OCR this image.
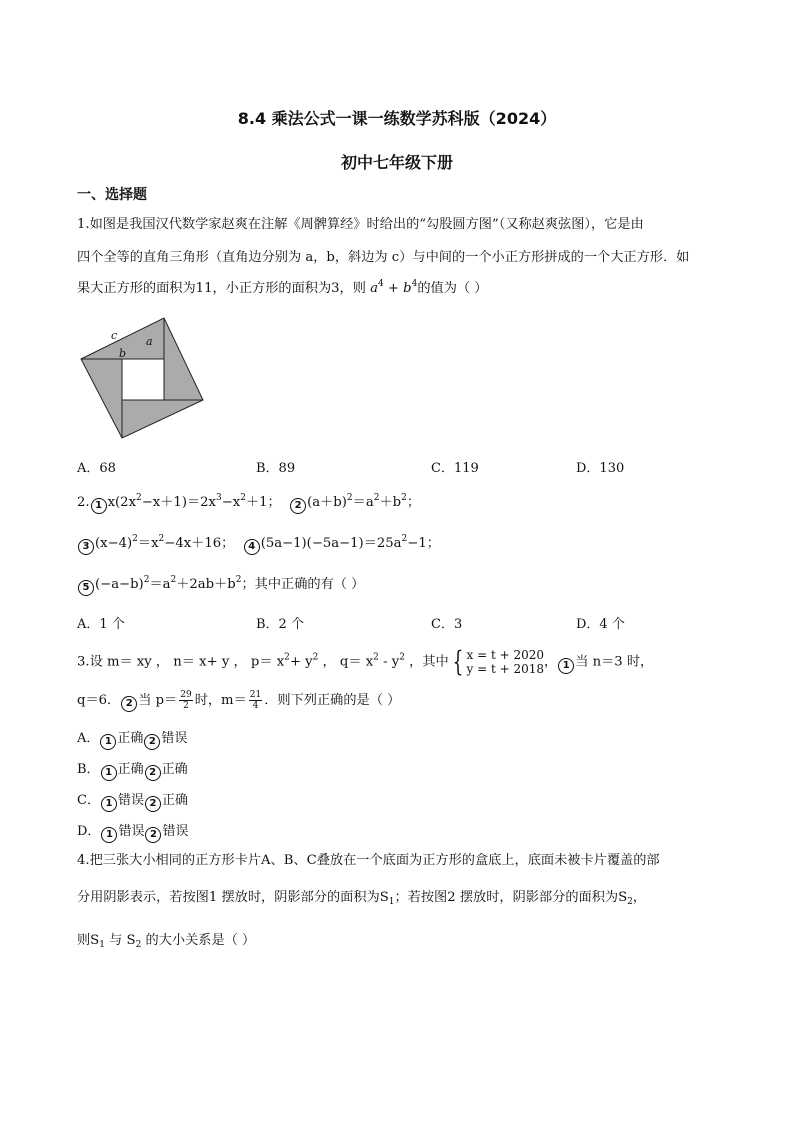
8.4 乘法公式一课一练数学苏科版（2024）
初中七年级下册
一、选择题
1.如图是我国汉代数学家赵爽在注解《周髀算经》时给出的“勾股圆方图”（又称赵爽弦图），它是由
四个全等的直角三角形（直角边分别为 a，b，斜边为 c）与中间的一个小正方形拼成的一个大正方形．如
果大正方形的面积为11，小正方形的面积为3，则 $a^4 + b^4$的值为（ ）
c
b
a
A．68	B．89	C．119	D．130
2. 1 $x(2x^2-x+1)=2x^3-x^2+1$；  2 $(a+b)^2=a^2+b^2$；
3 $(x-4)^2=x^2-4x+16$；  4 $(5a-1)(-5a-1)=25a^2-1$；
5 $(-a-b)^2=a^2+2ab+b^2$；其中正确的有（ ）
A．1 个	B．2 个	C．3	D．4 个
3.设 m＝ xy ， n＝ x+ y ， $p= x^2+ y^2$ ， $q= x^2 - y^2$ ，其中 { x = t + 2020
y = t + 2018 ， 1 当 n＝3 时，
q＝6． 2 当 $p= \frac{29}{2}$ 时，$m= \frac{21}{4}$ ．则下列正确的是（ ）
A． 1 正确 2 错误
B． 1 正确 2 正确
C． 1 错误 2 正确
D． 1 错误 2 错误
4.把三张大小相同的正方形卡片A、B、C叠放在一个底面为正方形的盒底上，底面未被卡片覆盖的部
分用阴影表示，若按图1 摆放时，阴影部分的面积为$S_1$；若按图2 摆放时，阴影部分的面积为$S_2$，
则$S_1$ 与 $S_2$ 的大小关系是（ ）
